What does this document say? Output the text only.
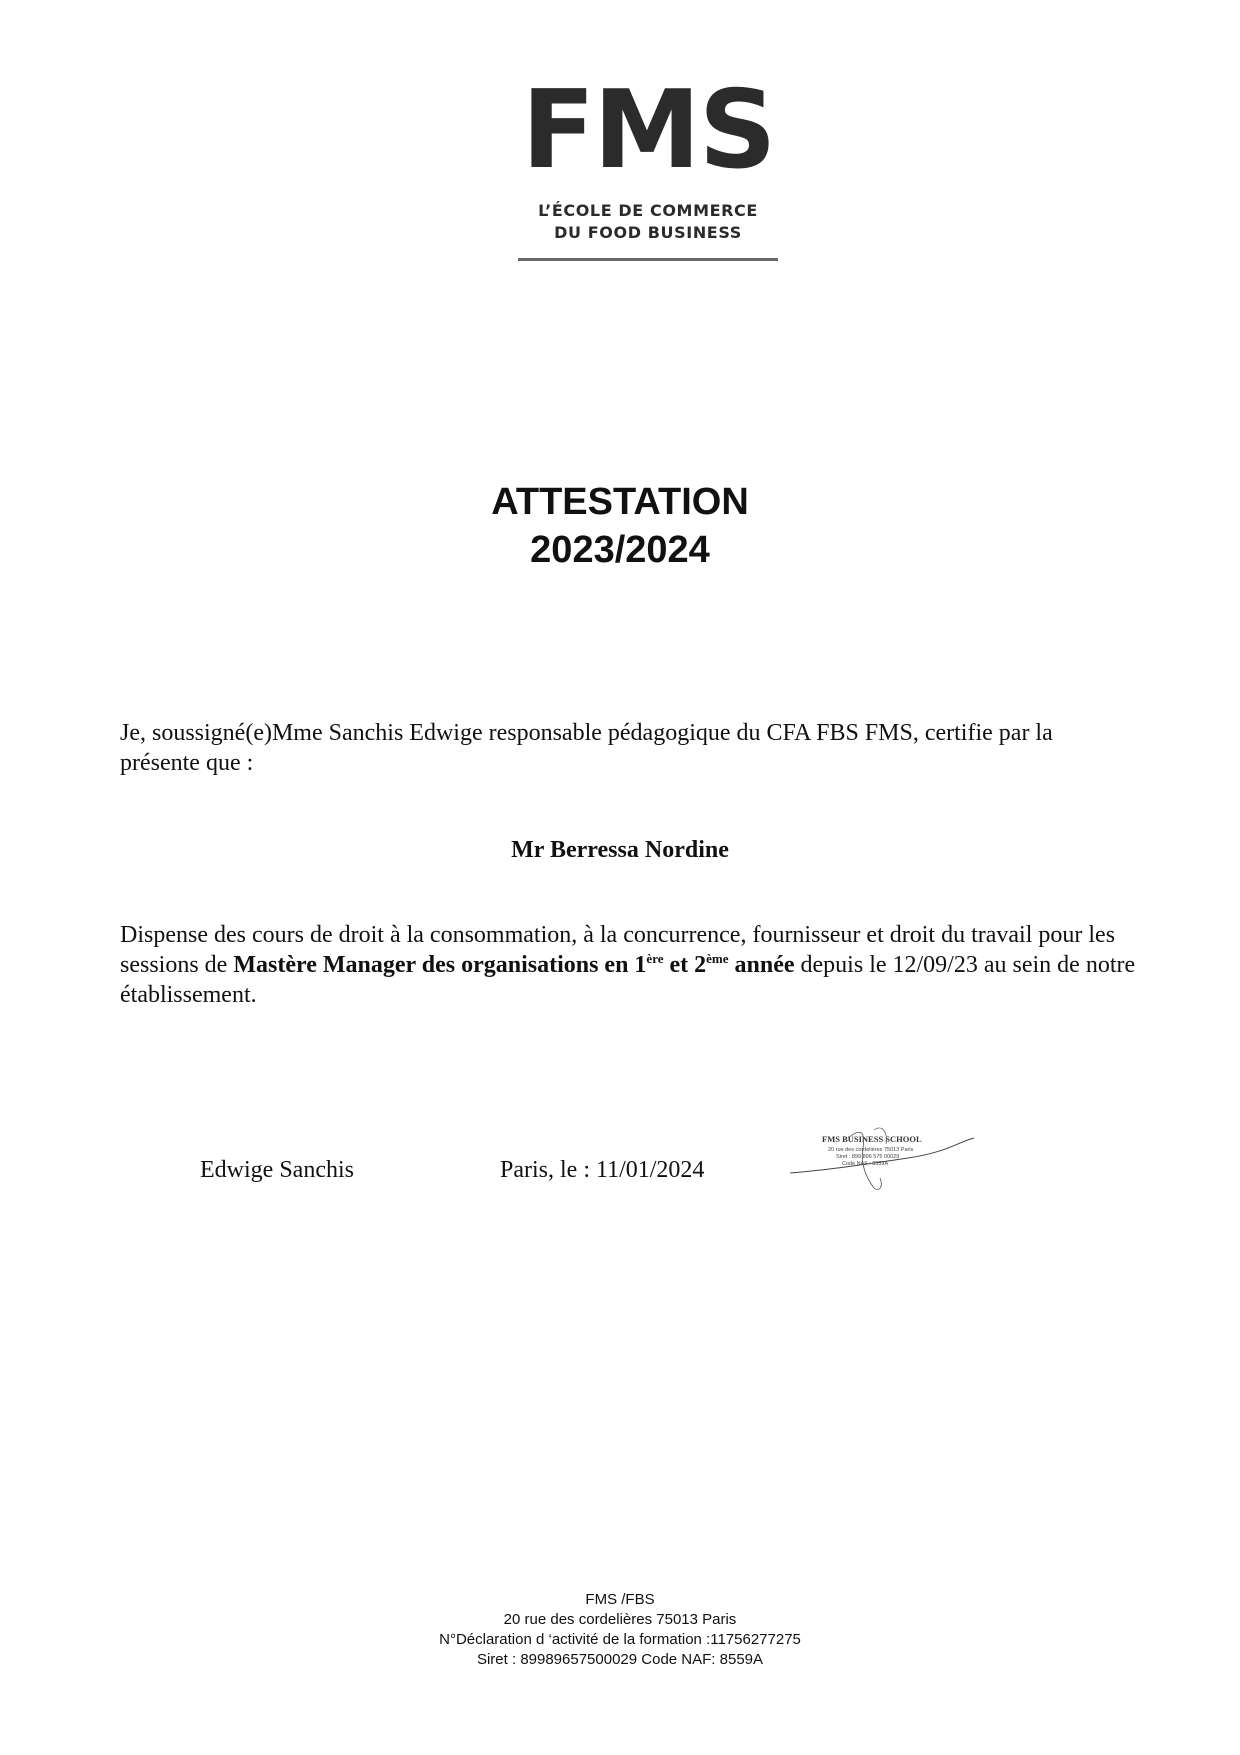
FMS
L’ÉCOLE DE COMMERCE
DU FOOD BUSINESS
ATTESTATION
2023/2024
Je, soussigné(e)Mme Sanchis Edwige responsable pédagogique du CFA FBS FMS, certifie par la présente que :
Mr Berressa Nordine
Dispense des cours de droit à la consommation, à la concurrence, fournisseur et droit du travail pour les sessions de Mastère Manager des organisations en 1ère et 2ème année depuis le 12/09/23 au sein de notre établissement.
Edwige Sanchis	Paris, le : 11/01/2024
FMS BUSINESS SCHOOL
20 rue des cordelières 75013 Paris
Siret : 899 896 575 00029
Code NAF : 8559A
FMS /FBS
20 rue des cordelières 75013 Paris
N°Déclaration d ‘activité de la formation :11756277275
Siret : 89989657500029 Code NAF: 8559A
